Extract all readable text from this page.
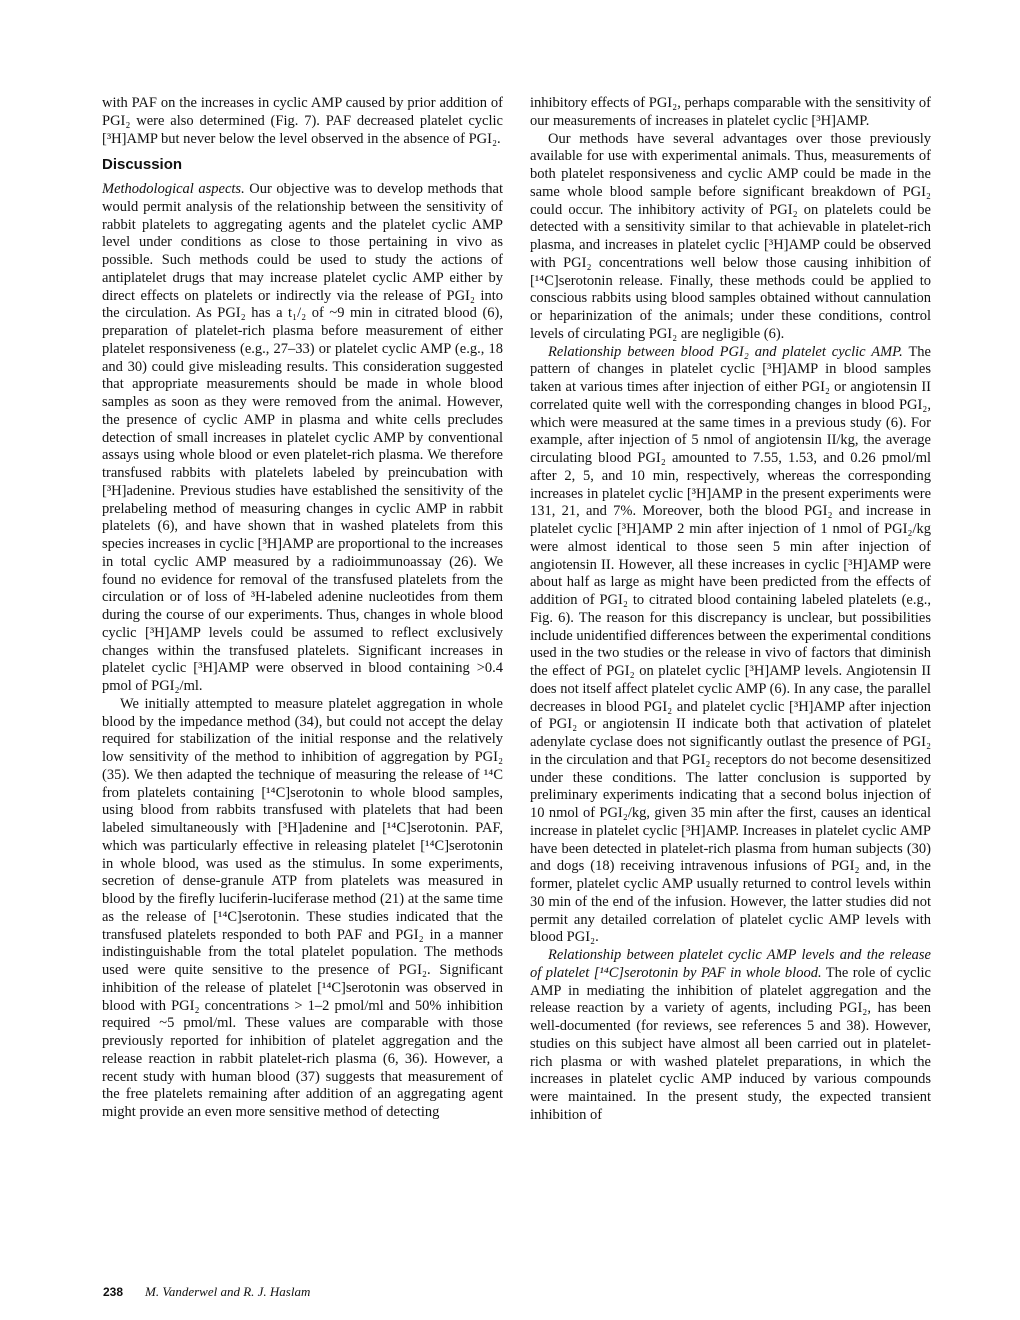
with PAF on the increases in cyclic AMP caused by prior addition of PGI₂ were also determined (Fig. 7). PAF decreased platelet cyclic [³H]AMP but never below the level observed in the absence of PGI₂.

Discussion

Methodological aspects. Our objective was to develop methods that would permit analysis of the relationship between the sensitivity of rabbit platelets to aggregating agents and the platelet cyclic AMP level under conditions as close to those pertaining in vivo as possible. Such methods could be used to study the actions of antiplatelet drugs that may increase platelet cyclic AMP either by direct effects on platelets or indirectly via the release of PGI₂ into the circulation. As PGI₂ has a t₁/₂ of ~9 min in citrated blood (6), preparation of platelet-rich plasma before measurement of either platelet responsiveness (e.g., 27–33) or platelet cyclic AMP (e.g., 18 and 30) could give misleading results. This consideration suggested that appropriate measurements should be made in whole blood samples as soon as they were removed from the animal. However, the presence of cyclic AMP in plasma and white cells precludes detection of small increases in platelet cyclic AMP by conventional assays using whole blood or even platelet-rich plasma. We therefore transfused rabbits with platelets labeled by preincubation with [³H]adenine. Previous studies have established the sensitivity of the prelabeling method of measuring changes in cyclic AMP in rabbit platelets (6), and have shown that in washed platelets from this species increases in cyclic [³H]AMP are proportional to the increases in total cyclic AMP measured by a radioimmunoassay (26). We found no evidence for removal of the transfused platelets from the circulation or of loss of ³H-labeled adenine nucleotides from them during the course of our experiments. Thus, changes in whole blood cyclic [³H]AMP levels could be assumed to reflect exclusively changes within the transfused platelets. Significant increases in platelet cyclic [³H]AMP were observed in blood containing >0.4 pmol of PGI₂/ml.

We initially attempted to measure platelet aggregation in whole blood by the impedance method (34), but could not accept the delay required for stabilization of the initial response and the relatively low sensitivity of the method to inhibition of aggregation by PGI₂ (35). We then adapted the technique of measuring the release of ¹⁴C from platelets containing [¹⁴C]serotonin to whole blood samples, using blood from rabbits transfused with platelets that had been labeled simultaneously with [³H]adenine and [¹⁴C]serotonin. PAF, which was particularly effective in releasing platelet [¹⁴C]serotonin in whole blood, was used as the stimulus. In some experiments, secretion of dense-granule ATP from platelets was measured in blood by the firefly luciferin-luciferase method (21) at the same time as the release of [¹⁴C]serotonin. These studies indicated that the transfused platelets responded to both PAF and PGI₂ in a manner indistinguishable from the total platelet population. The methods used were quite sensitive to the presence of PGI₂. Significant inhibition of the release of platelet [¹⁴C]serotonin was observed in blood with PGI₂ concentrations > 1–2 pmol/ml and 50% inhibition required ~5 pmol/ml. These values are comparable with those previously reported for inhibition of platelet aggregation and the release reaction in rabbit platelet-rich plasma (6, 36). However, a recent study with human blood (37) suggests that measurement of the free platelets remaining after addition of an aggregating agent might provide an even more sensitive method of detecting

inhibitory effects of PGI₂, perhaps comparable with the sensitivity of our measurements of increases in platelet cyclic [³H]AMP.

Our methods have several advantages over those previously available for use with experimental animals. Thus, measurements of both platelet responsiveness and cyclic AMP could be made in the same whole blood sample before significant breakdown of PGI₂ could occur. The inhibitory activity of PGI₂ on platelets could be detected with a sensitivity similar to that achievable in platelet-rich plasma, and increases in platelet cyclic [³H]AMP could be observed with PGI₂ concentrations well below those causing inhibition of [¹⁴C]serotonin release. Finally, these methods could be applied to conscious rabbits using blood samples obtained without cannulation or heparinization of the animals; under these conditions, control levels of circulating PGI₂ are negligible (6).

Relationship between blood PGI₂ and platelet cyclic AMP. The pattern of changes in platelet cyclic [³H]AMP in blood samples taken at various times after injection of either PGI₂ or angiotensin II correlated quite well with the corresponding changes in blood PGI₂, which were measured at the same times in a previous study (6). For example, after injection of 5 nmol of angiotensin II/kg, the average circulating blood PGI₂ amounted to 7.55, 1.53, and 0.26 pmol/ml after 2, 5, and 10 min, respectively, whereas the corresponding increases in platelet cyclic [³H]AMP in the present experiments were 131, 21, and 7%. Moreover, both the blood PGI₂ and increase in platelet cyclic [³H]AMP 2 min after injection of 1 nmol of PGI₂/kg were almost identical to those seen 5 min after injection of angiotensin II. However, all these increases in cyclic [³H]AMP were about half as large as might have been predicted from the effects of addition of PGI₂ to citrated blood containing labeled platelets (e.g., Fig. 6). The reason for this discrepancy is unclear, but possibilities include unidentified differences between the experimental conditions used in the two studies or the release in vivo of factors that diminish the effect of PGI₂ on platelet cyclic [³H]AMP levels. Angiotensin II does not itself affect platelet cyclic AMP (6). In any case, the parallel decreases in blood PGI₂ and platelet cyclic [³H]AMP after injection of PGI₂ or angiotensin II indicate both that activation of platelet adenylate cyclase does not significantly outlast the presence of PGI₂ in the circulation and that PGI₂ receptors do not become desensitized under these conditions. The latter conclusion is supported by preliminary experiments indicating that a second bolus injection of 10 nmol of PGI₂/kg, given 35 min after the first, causes an identical increase in platelet cyclic [³H]AMP. Increases in platelet cyclic AMP have been detected in platelet-rich plasma from human subjects (30) and dogs (18) receiving intravenous infusions of PGI₂ and, in the former, platelet cyclic AMP usually returned to control levels within 30 min of the end of the infusion. However, the latter studies did not permit any detailed correlation of platelet cyclic AMP levels with blood PGI₂.

Relationship between platelet cyclic AMP levels and the release of platelet [¹⁴C]serotonin by PAF in whole blood. The role of cyclic AMP in mediating the inhibition of platelet aggregation and the release reaction by a variety of agents, including PGI₂, has been well-documented (for reviews, see references 5 and 38). However, studies on this subject have almost all been carried out in platelet-rich plasma or with washed platelet preparations, in which the increases in platelet cyclic AMP induced by various compounds were maintained. In the present study, the expected transient inhibition of

238 M. Vanderwel and R. J. Haslam
